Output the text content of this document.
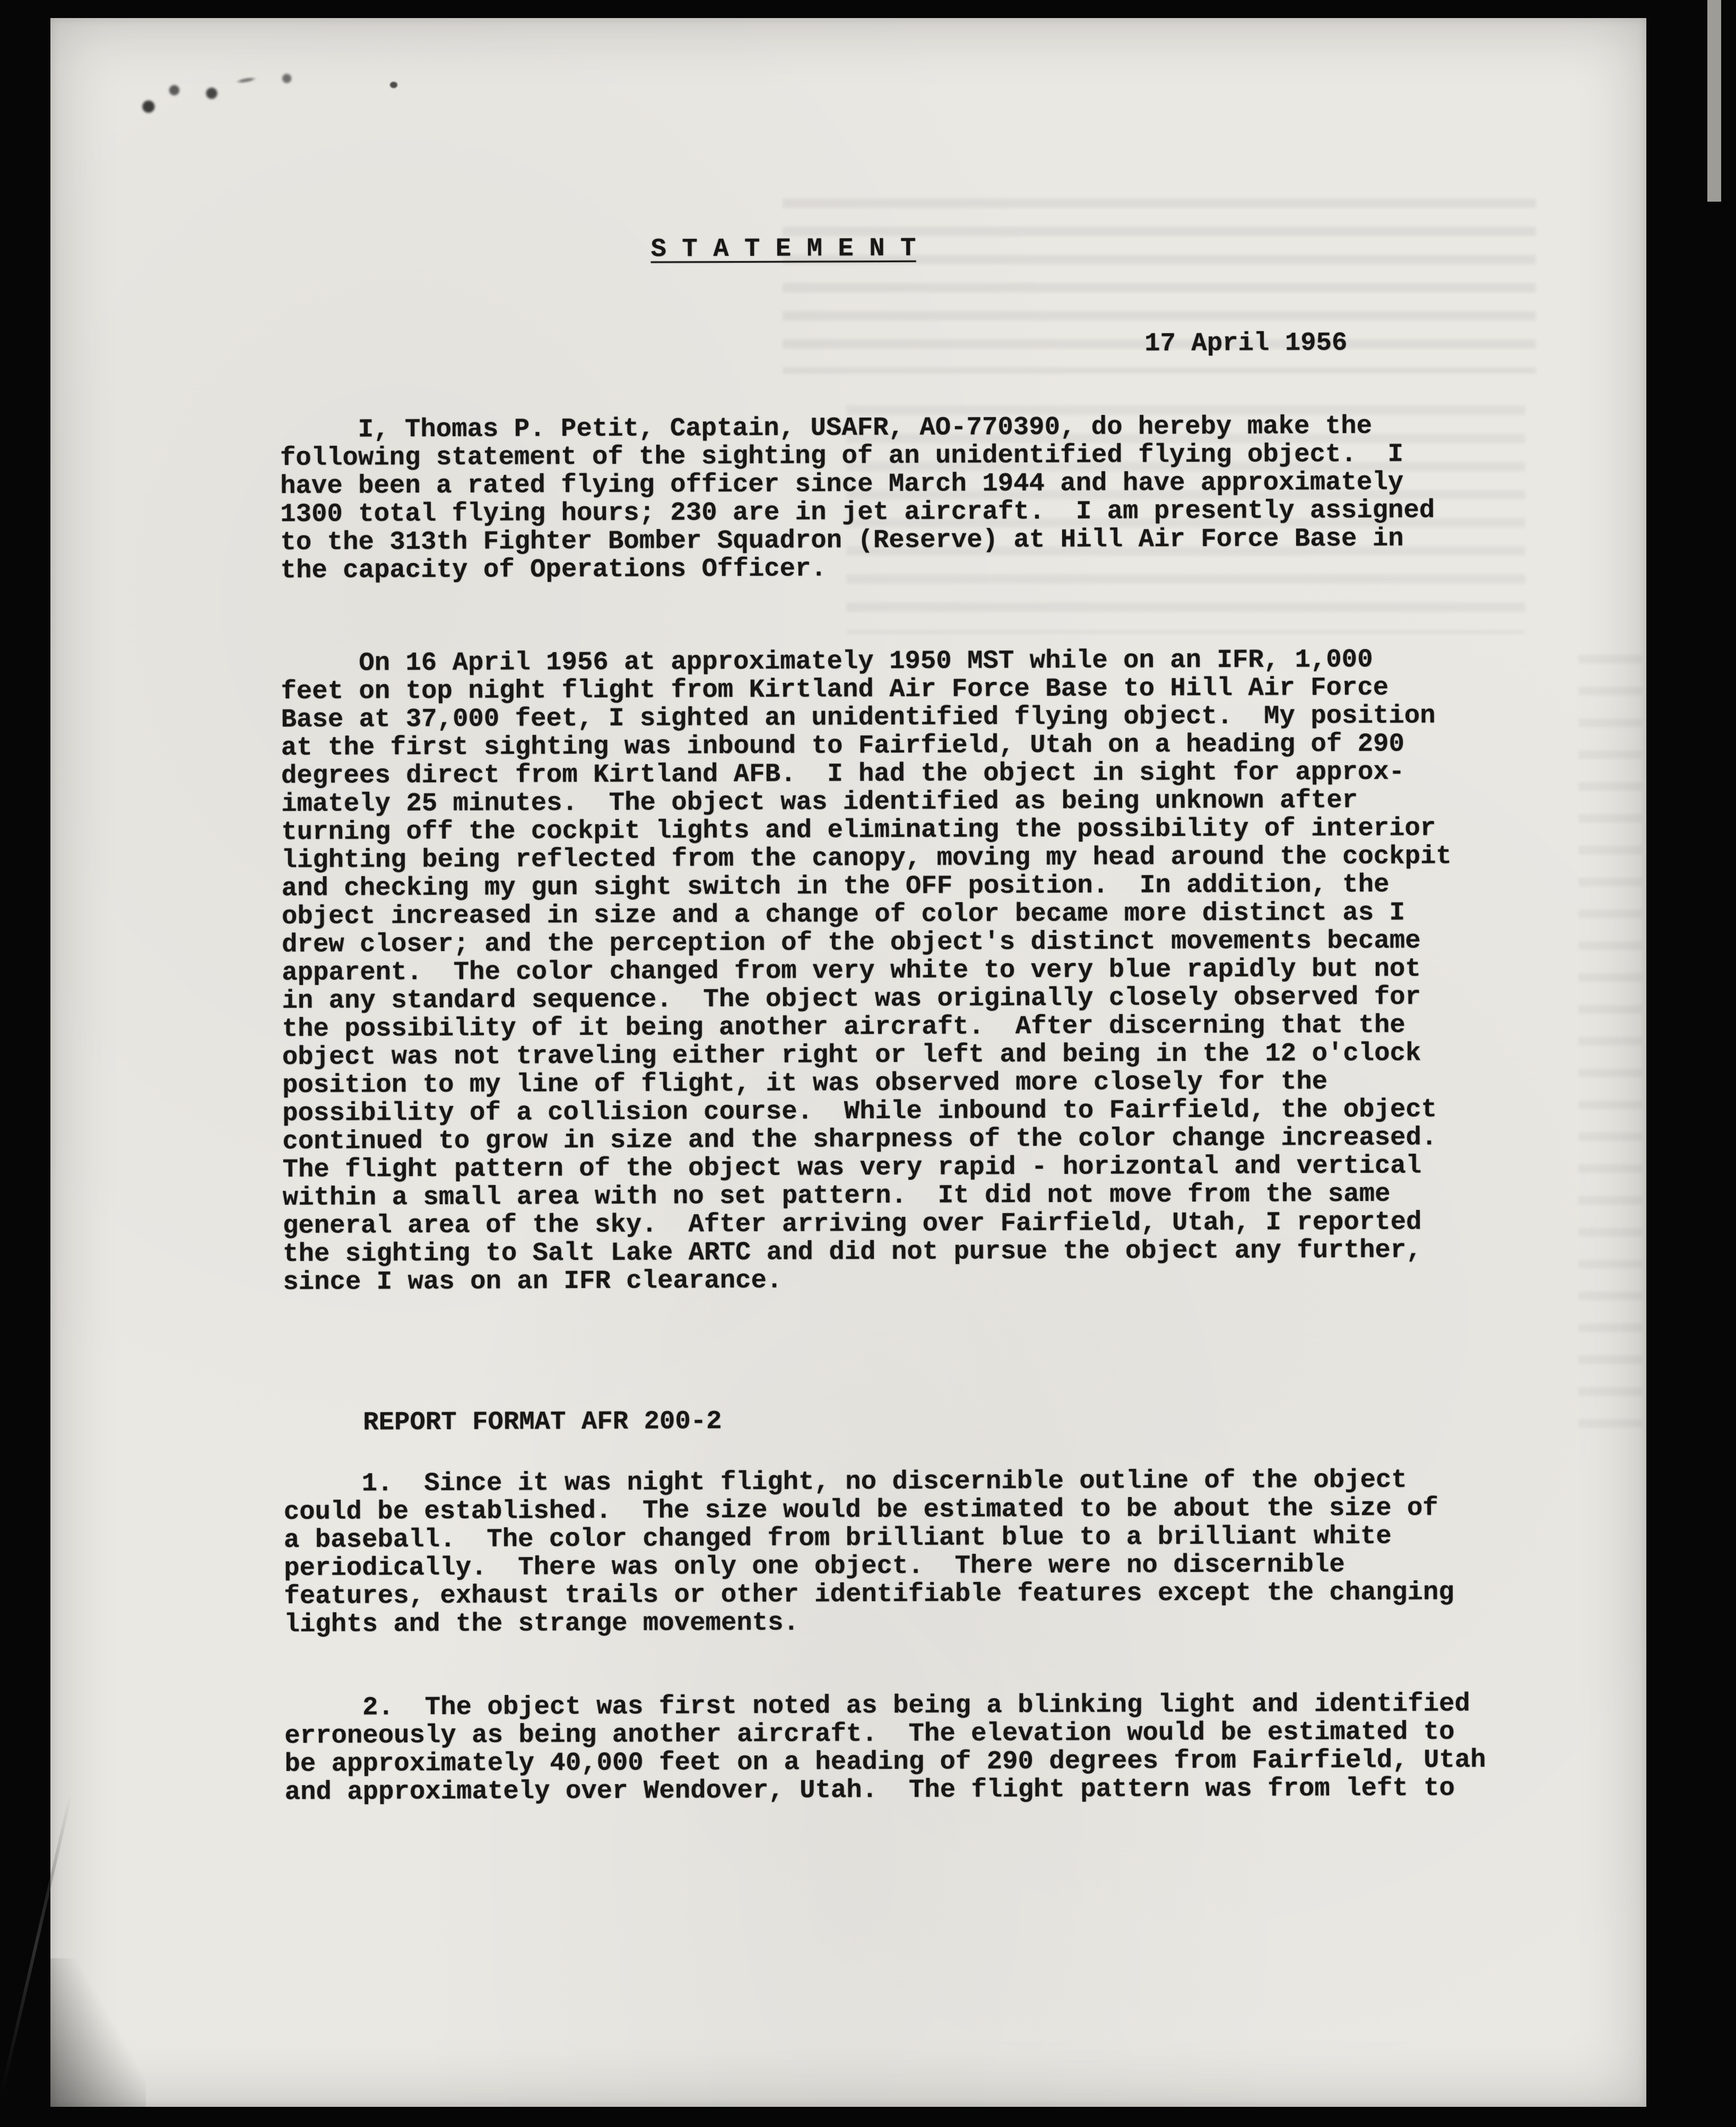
S T A T E M E N T
17 April 1956
I, Thomas P. Petit, Captain, USAFR, AO-770390, do hereby make the
following statement of the sighting of an unidentified flying object.  I
have been a rated flying officer since March 1944 and have approximately
1300 total flying hours; 230 are in jet aircraft.  I am presently assigned
to the 313th Fighter Bomber Squadron (Reserve) at Hill Air Force Base in
the capacity of Operations Officer.
On 16 April 1956 at approximately 1950 MST while on an IFR, 1,000
feet on top night flight from Kirtland Air Force Base to Hill Air Force
Base at 37,000 feet, I sighted an unidentified flying object.  My position
at the first sighting was inbound to Fairfield, Utah on a heading of 290
degrees direct from Kirtland AFB.  I had the object in sight for approx-
imately 25 minutes.  The object was identified as being unknown after
turning off the cockpit lights and eliminating the possibility of interior
lighting being reflected from the canopy, moving my head around the cockpit
and checking my gun sight switch in the OFF position.  In addition, the
object increased in size and a change of color became more distinct as I
drew closer; and the perception of the object's distinct movements became
apparent.  The color changed from very white to very blue rapidly but not
in any standard sequence.  The object was originally closely observed for
the possibility of it being another aircraft.  After discerning that the
object was not traveling either right or left and being in the 12 o'clock
position to my line of flight, it was observed more closely for the
possibility of a collision course.  While inbound to Fairfield, the object
continued to grow in size and the sharpness of the color change increased.
The flight pattern of the object was very rapid - horizontal and vertical
within a small area with no set pattern.  It did not move from the same
general area of the sky.  After arriving over Fairfield, Utah, I reported
the sighting to Salt Lake ARTC and did not pursue the object any further,
since I was on an IFR clearance.
REPORT FORMAT AFR 200-2
1.  Since it was night flight, no discernible outline of the object
could be established.  The size would be estimated to be about the size of
a baseball.  The color changed from brilliant blue to a brilliant white
periodically.  There was only one object.  There were no discernible
features, exhaust trails or other identifiable features except the changing
lights and the strange movements.
2.  The object was first noted as being a blinking light and identified
erroneously as being another aircraft.  The elevation would be estimated to
be approximately 40,000 feet on a heading of 290 degrees from Fairfield, Utah
and approximately over Wendover, Utah.  The flight pattern was from left to
